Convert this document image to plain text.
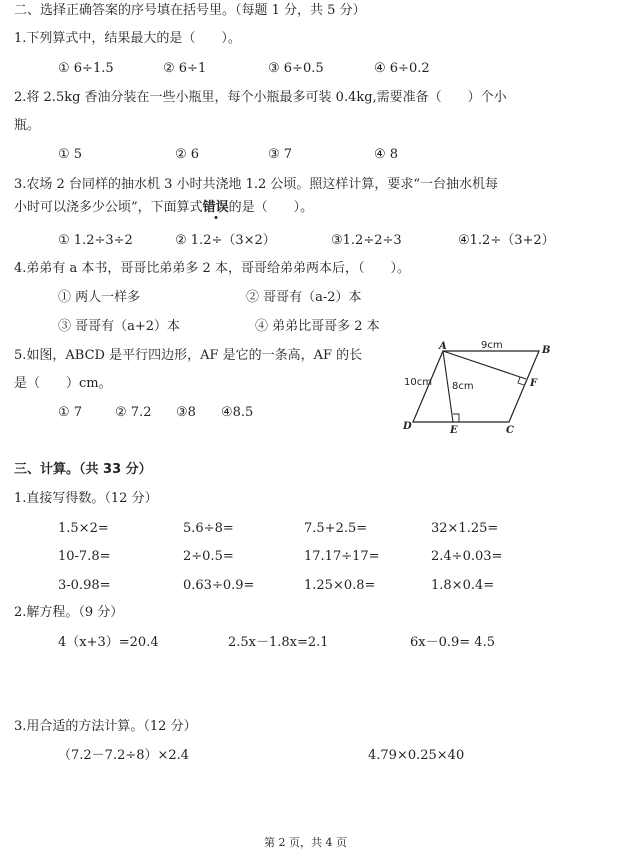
二、选择正确答案的序号填在括号里。（每题 1 分，共 5 分）
1.下列算式中，结果最大的是（　　）。
① 6÷1.5	② 6÷1	③ 6÷0.5	④ 6÷0.2
2.将 2.5kg 香油分装在一些小瓶里，每个小瓶最多可装 0.4kg,需要准备（　　）个小
瓶。
① 5	② 6	③ 7	④ 8
3.农场 2 台同样的抽水机 3 小时共浇地 1.2 公顷。照这样计算，要求“一台抽水机每
小时可以浇多少公顷”，下面算式错误的是（　　）。
① 1.2÷3÷2	② 1.2÷（3×2）	③1.2÷2÷3	④1.2÷（3+2）
4.弟弟有 a 本书，哥哥比弟弟多 2 本，哥哥给弟弟两本后，（　　）。
① 两人一样多	② 哥哥有（a-2）本
③ 哥哥有（a+2）本	④ 弟弟比哥哥多 2 本
5.如图，ABCD 是平行四边形，AF 是它的一条高，AF 的长
是（　　）cm。
① 7	② 7.2 ③8 ④8.5
A	B
C
D	E
F
9cm
10cm 8cm
三、计算。（共 33 分）
1.直接写得数。（12 分）
1.5×2=	5.6÷8=	7.5+2.5=	32×1.25=
10-7.8=	2÷0.5=	17.17÷17=	2.4÷0.03=
3-0.98=	0.63÷0.9=	1.25×0.8=	1.8×0.4=
2.解方程。（9 分）
4（x+3）=20.4	2.5x－1.8x=2.1	6x－0.9= 4.5
3.用合适的方法计算。（12 分）
（7.2－7.2÷8）×2.4	4.79×0.25×40
第 2 页，共 4 页
